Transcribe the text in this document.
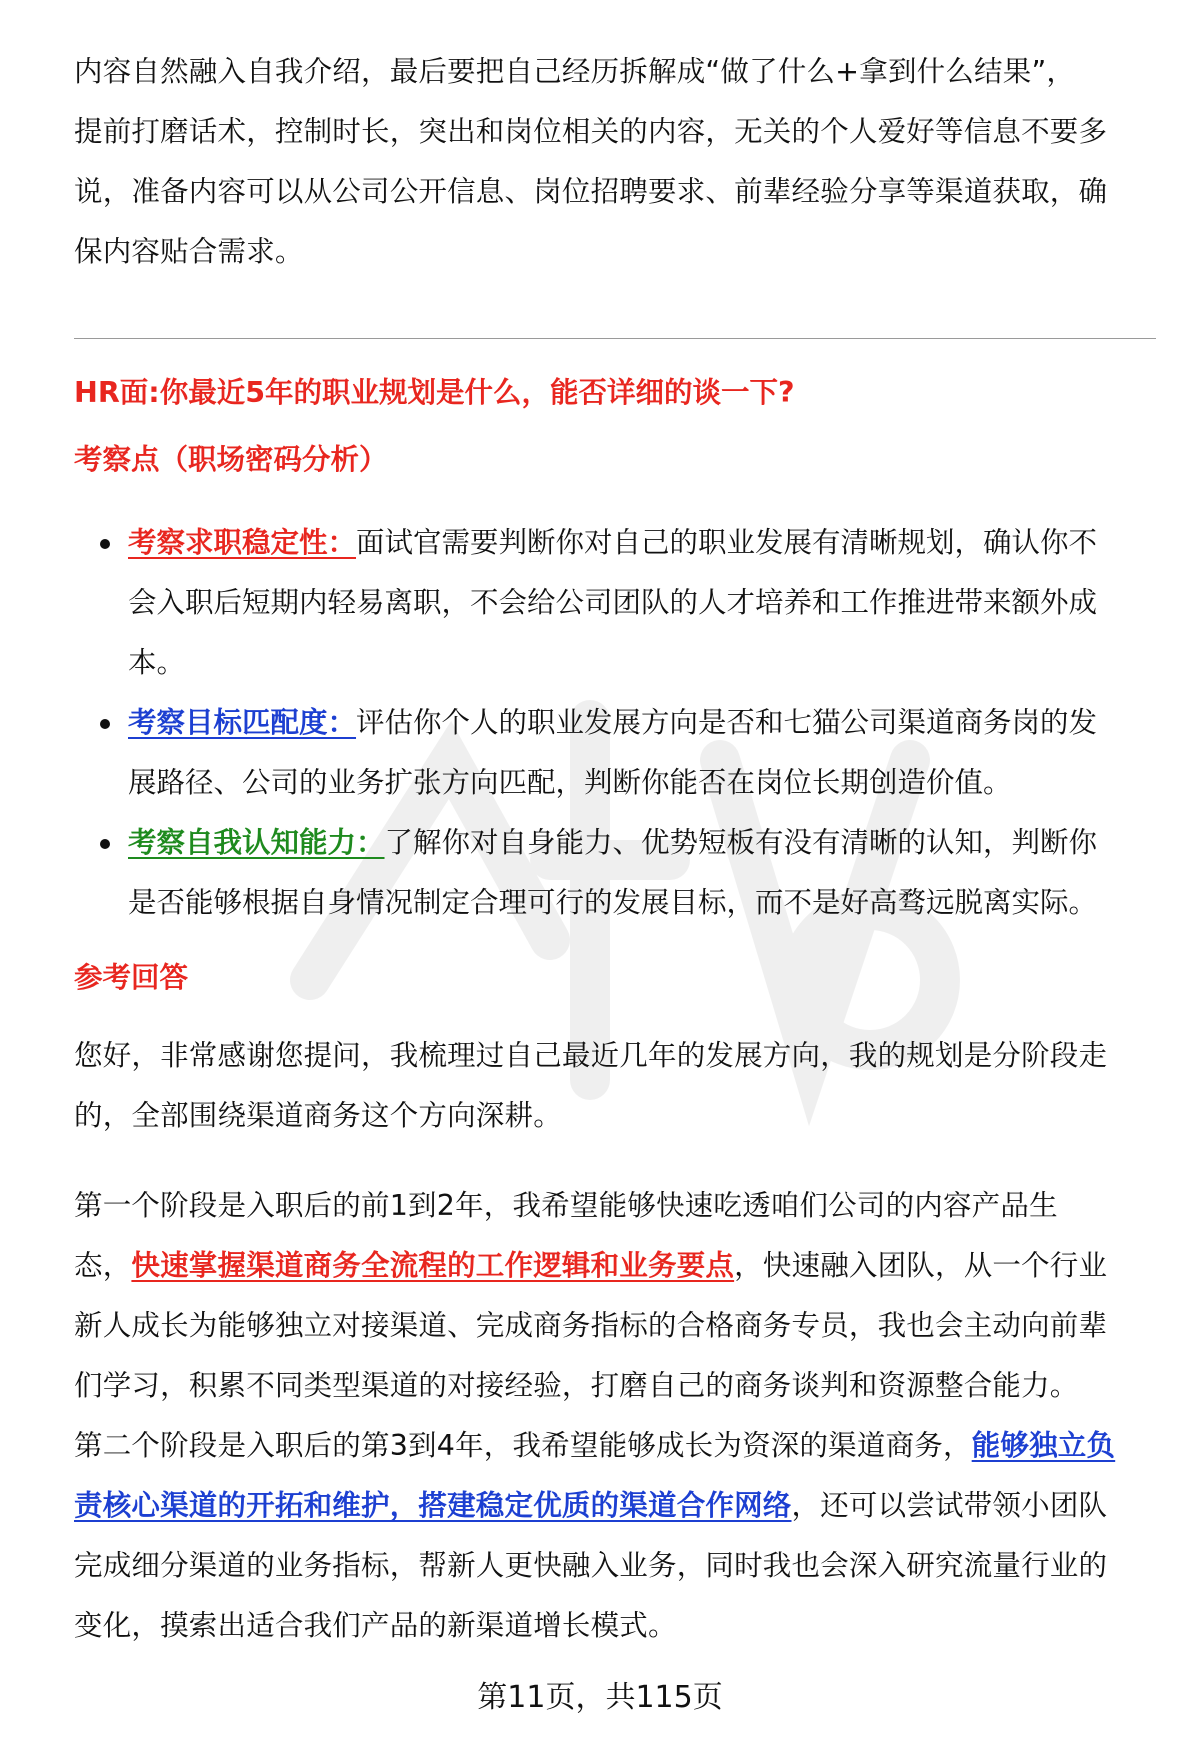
内容自然融入自我介绍，最后要把自己经历拆解成“做了什么+拿到什么结果”，
提前打磨话术，控制时长，突出和岗位相关的内容，无关的个人爱好等信息不要多
说，准备内容可以从公司公开信息、岗位招聘要求、前辈经验分享等渠道获取，确
保内容贴合需求。

HR面:你最近5年的职业规划是什么，能否详细的谈一下?
考察点（职场密码分析）
考察求职稳定性：面试官需要判断你对自己的职业发展有清晰规划，确认你不
会入职后短期内轻易离职，不会给公司团队的人才培养和工作推进带来额外成
本。
考察目标匹配度：评估你个人的职业发展方向是否和七猫公司渠道商务岗的发
展路径、公司的业务扩张方向匹配，判断你能否在岗位长期创造价值。
考察自我认知能力：了解你对自身能力、优势短板有没有清晰的认知，判断你
是否能够根据自身情况制定合理可行的发展目标，而不是好高骛远脱离实际。
参考回答

您好，非常感谢您提问，我梳理过自己最近几年的发展方向，我的规划是分阶段走
的，全部围绕渠道商务这个方向深耕。

第一个阶段是入职后的前1到2年，我希望能够快速吃透咱们公司的内容产品生
态，快速掌握渠道商务全流程的工作逻辑和业务要点，快速融入团队，从一个行业
新人成长为能够独立对接渠道、完成商务指标的合格商务专员，我也会主动向前辈
们学习，积累不同类型渠道的对接经验，打磨自己的商务谈判和资源整合能力。
第二个阶段是入职后的第3到4年，我希望能够成长为资深的渠道商务，能够独立负
责核心渠道的开拓和维护，搭建稳定优质的渠道合作网络，还可以尝试带领小团队
完成细分渠道的业务指标，帮新人更快融入业务，同时我也会深入研究流量行业的
变化，摸索出适合我们产品的新渠道增长模式。

第11页，共115页
